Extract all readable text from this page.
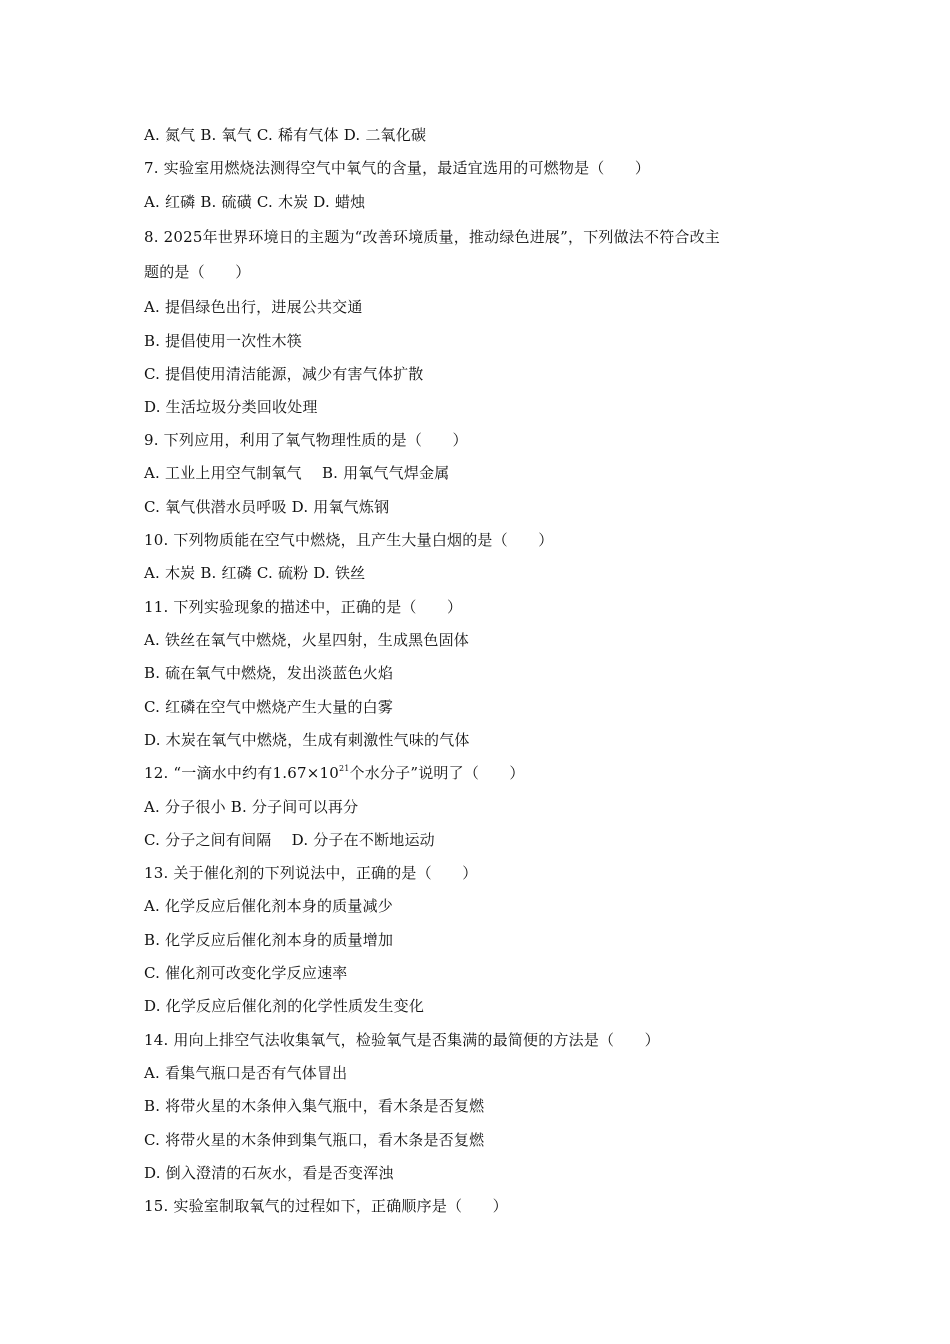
A. 氮气 B. 氧气 C. 稀有气体 D. 二氧化碳
7. 实验室用燃烧法测得空气中氧气的含量，最适宜选用的可燃物是（　　）
A. 红磷 B. 硫磺 C. 木炭 D. 蜡烛
8. 2025年世界环境日的主题为“改善环境质量，推动绿色进展”，下列做法不符合改主
题的是（　　）
A. 提倡绿色出行，进展公共交通
B. 提倡使用一次性木筷
C. 提倡使用清洁能源，减少有害气体扩散
D. 生活垃圾分类回收处理
9. 下列应用，利用了氧气物理性质的是（　　）
A. 工业上用空气制氧气　 B. 用氧气气焊金属
C. 氧气供潜水员呼吸 D. 用氧气炼钢
10. 下列物质能在空气中燃烧，且产生大量白烟的是（　　）
A. 木炭 B. 红磷 C. 硫粉 D. 铁丝
11. 下列实验现象的描述中，正确的是（　　）
A. 铁丝在氧气中燃烧，火星四射，生成黑色固体
B. 硫在氧气中燃烧，发出淡蓝色火焰
C. 红磷在空气中燃烧产生大量的白雾
D. 木炭在氧气中燃烧，生成有刺激性气味的气体
12. “一滴水中约有$1.67\times 10^{21}$个水分子”说明了（　　）
A. 分子很小 B. 分子间可以再分
C. 分子之间有间隔　 D. 分子在不断地运动
13. 关于催化剂的下列说法中，正确的是（　　）
A. 化学反应后催化剂本身的质量减少
B. 化学反应后催化剂本身的质量增加
C. 催化剂可改变化学反应速率
D. 化学反应后催化剂的化学性质发生变化
14. 用向上排空气法收集氧气，检验氧气是否集满的最简便的方法是（　　）
A. 看集气瓶口是否有气体冒出
B. 将带火星的木条伸入集气瓶中，看木条是否复燃
C. 将带火星的木条伸到集气瓶口，看木条是否复燃
D. 倒入澄清的石灰水，看是否变浑浊
15. 实验室制取氧气的过程如下，正确顺序是（　　）
